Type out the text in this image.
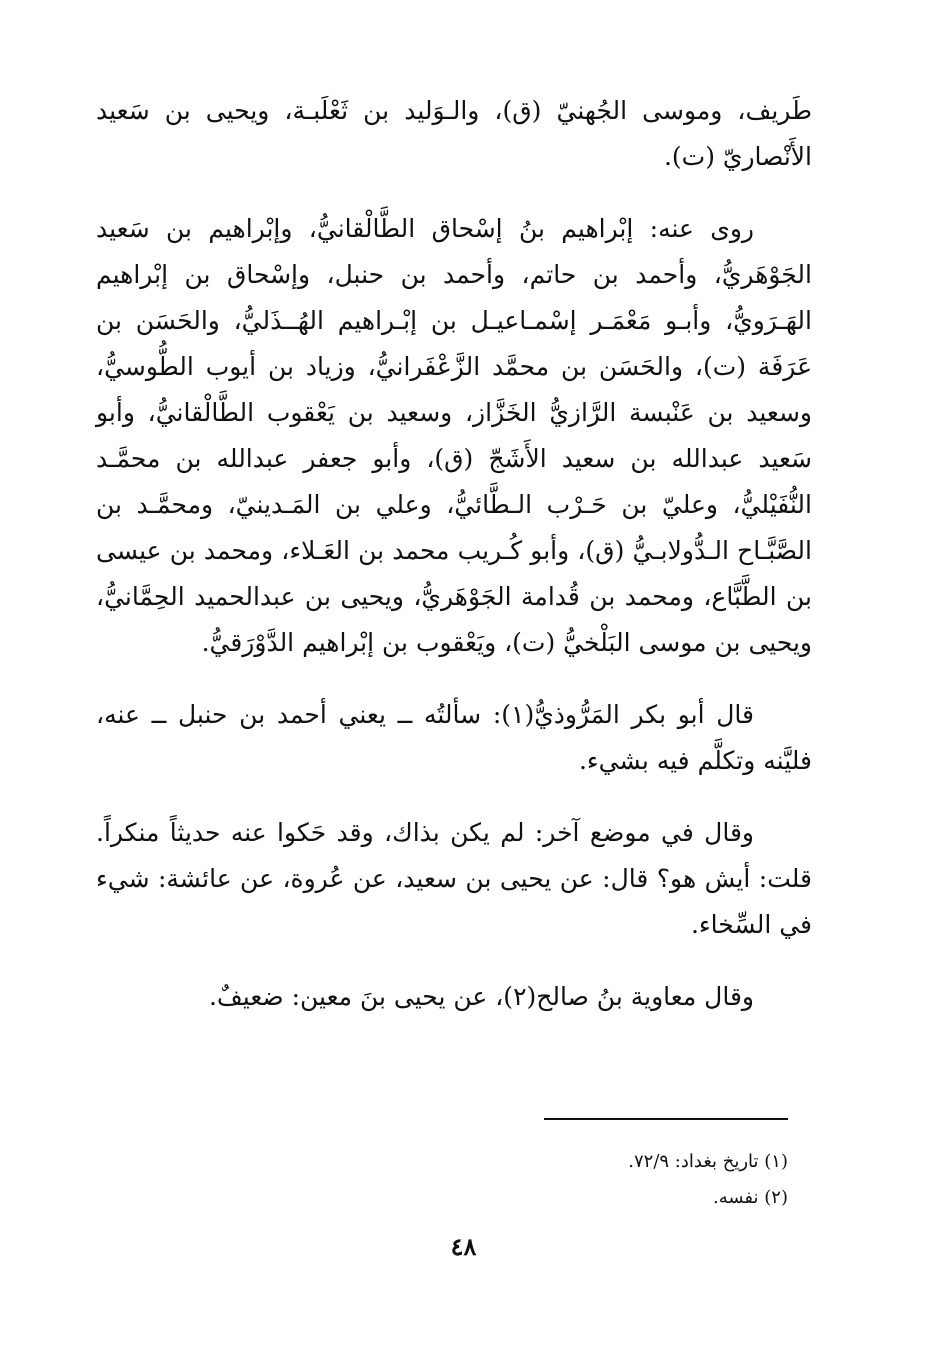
طَريف، وموسى الجُهنيّ (ق)، والـوَليد بن ثَعْلَبـة، ويحيى بن سَعيد الأَنْصاريّ (ت).

روى عنه: إبْراهيم بنُ إسْحاق الطَّالْقانيُّ، وإبْراهيم بن سَعيد الجَوْهَريُّ، وأحمد بن حاتم، وأحمد بن حنبل، وإسْحاق بن إبْراهيم الهَـرَويُّ، وأبـو مَعْمَـر إسْمـاعيـل بن إبْـراهيم الهُــذَليُّ، والحَسَن بن عَرَفَة (ت)، والحَسَن بن محمَّد الزَّعْفَرانيُّ، وزياد بن أيوب الطُّوسيُّ، وسعيد بن عَنْبسة الرَّازيُّ الخَزَّاز، وسعيد بن يَعْقوب الطَّالْقانيُّ، وأبو سَعيد عبدالله بن سعيد الأَشَجّ (ق)، وأبو جعفر عبدالله بن محمَّـد النُّفَيْليُّ، وعليّ بن حَـرْب الـطَّائيُّ، وعلي بن المَـدينيّ، ومحمَّـد بن الصَّبَّـاح الـدُّولابـيُّ (ق)، وأبو كُـريب محمد بن العَـلاء، ومحمد بن عيسى بن الطَّبَّاع، ومحمد بن قُدامة الجَوْهَريُّ، ويحيى بن عبدالحميد الحِمَّانيُّ، ويحيى بن موسى البَلْخيُّ (ت)، ويَعْقوب بن إبْراهيم الدَّوْرَقيُّ.

قال أبو بكر المَرُّوذيُّ(١): سألتُه ــ يعني أحمد بن حنبل ــ عنه، فليَّنه وتكلَّم فيه بشيء.

وقال في موضع آخر: لم يكن بذاك، وقد حَكوا عنه حديثاً منكراً. قلت: أيش هو؟ قال: عن يحيى بن سعيد، عن عُروة، عن عائشة: شيء في السِّخاء.

وقال معاوية بنُ صالح(٢)، عن يحيى بنَ معين: ضعيفٌ.

(١) تاريخ بغداد: ٧٢/٩.

(٢) نفسه.

٤٨
